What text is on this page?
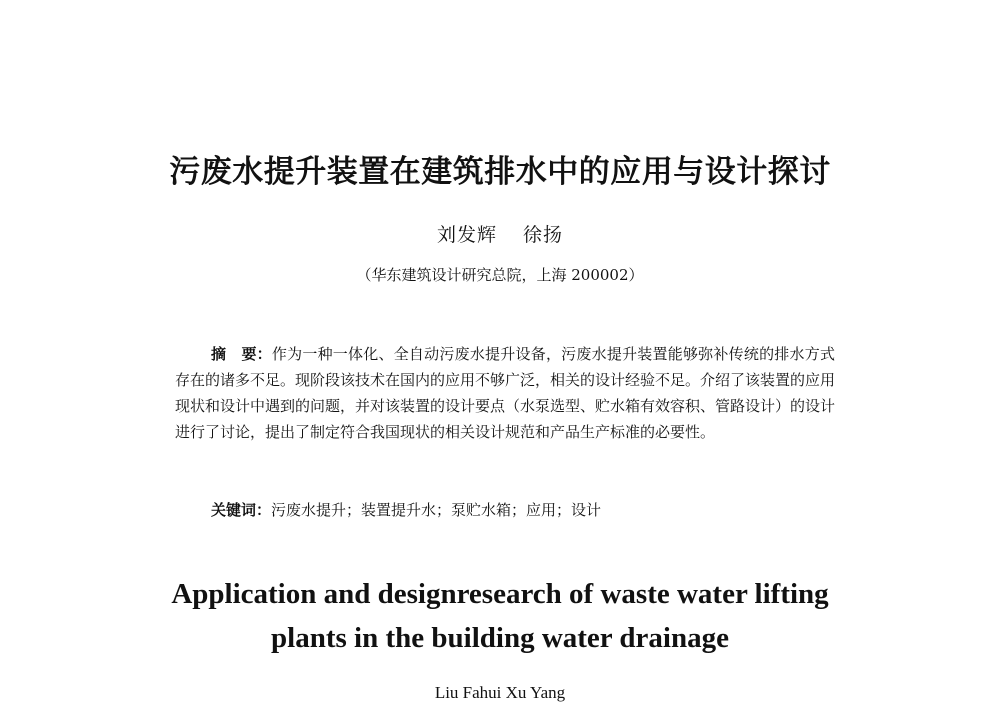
污废水提升装置在建筑排水中的应用与设计探讨
刘发辉 徐扬
（华东建筑设计研究总院，上海 200002）
摘　要：作为一种一体化、全自动污废水提升设备，污废水提升装置能够弥补传统的排水方式存在的诸多不足。现阶段该技术在国内的应用不够广泛，相关的设计经验不足。介绍了该装置的应用现状和设计中遇到的问题，并对该装置的设计要点（水泵选型、贮水箱有效容积、管路设计）的设计进行了讨论，提出了制定符合我国现状的相关设计规范和产品生产标准的必要性。
关键词：污废水提升；装置提升水；泵贮水箱；应用；设计
Application and designresearch of waste water lifting
plants in the building water drainage
Liu Fahui Xu Yang
